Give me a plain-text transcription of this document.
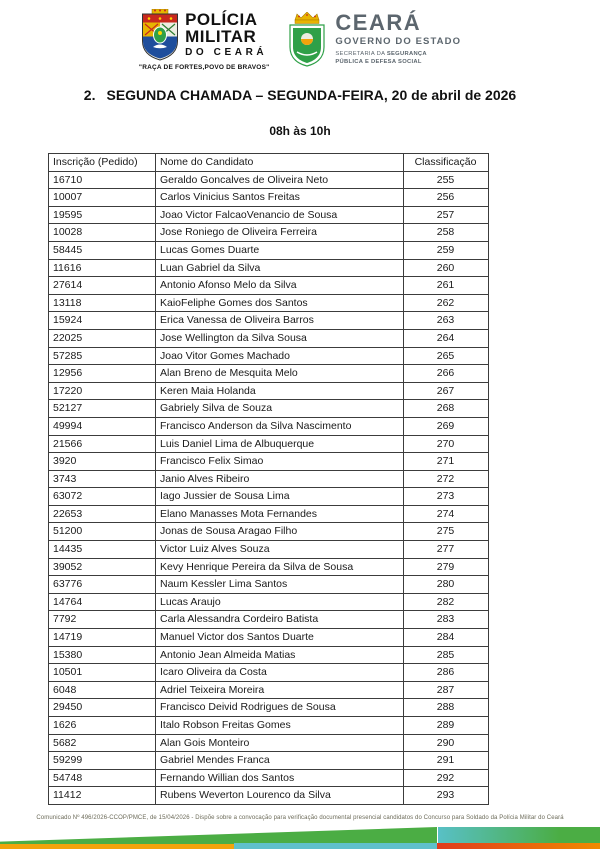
POLÍCIA
MILITAR
DO CEARÁ
"RAÇA DE FORTES,POVO DE BRAVOS"
CEARÁ
GOVERNO DO ESTADO
SECRETARIA DA SEGURANÇA
PÚBLICA E DEFESA SOCIAL
2. SEGUNDA CHAMADA – SEGUNDA-FEIRA, 20 de abril de 2026
08h às 10h
Inscrição (Pedido)	Nome do Candidato	Classificação
16710	Geraldo Goncalves de Oliveira Neto	255
10007	Carlos Vinicius Santos Freitas	256
19595	Joao Victor FalcaoVenancio de Sousa	257
10028	Jose Roniego de Oliveira Ferreira	258
58445	Lucas Gomes Duarte	259
11616	Luan Gabriel da Silva	260
27614	Antonio Afonso Melo da Silva	261
13118	KaioFeliphe Gomes dos Santos	262
15924	Erica Vanessa de Oliveira Barros	263
22025	Jose Wellington da Silva Sousa	264
57285	Joao Vitor Gomes Machado	265
12956	Alan Breno de Mesquita Melo	266
17220	Keren Maia Holanda	267
52127	Gabriely Silva de Souza	268
49994	Francisco Anderson da Silva Nascimento	269
21566	Luis Daniel Lima de Albuquerque	270
3920	Francisco Felix Simao	271
3743	Janio Alves Ribeiro	272
63072	Iago Jussier de Sousa Lima	273
22653	Elano Manasses Mota Fernandes	274
51200	Jonas de Sousa Aragao Filho	275
14435	Victor Luiz Alves Souza	277
39052	Kevy Henrique Pereira da Silva de Sousa	279
63776	Naum Kessler Lima Santos	280
14764	Lucas Araujo	282
7792	Carla Alessandra Cordeiro Batista	283
14719	Manuel Victor dos Santos Duarte	284
15380	Antonio Jean Almeida Matias	285
10501	Icaro Oliveira da Costa	286
6048	Adriel Teixeira Moreira	287
29450	Francisco Deivid Rodrigues de Sousa	288
1626	Italo Robson Freitas Gomes	289
5682	Alan Gois Monteiro	290
59299	Gabriel Mendes Franca	291
54748	Fernando Willian dos Santos	292
11412	Rubens Weverton Lourenco da Silva	293
Comunicado Nº 496/2026-CCOP/PMCE, de 15/04/2026 - Dispõe sobre a convocação para verificação documental presencial candidatos do Concurso para Soldado da Polícia Militar do Ceará
